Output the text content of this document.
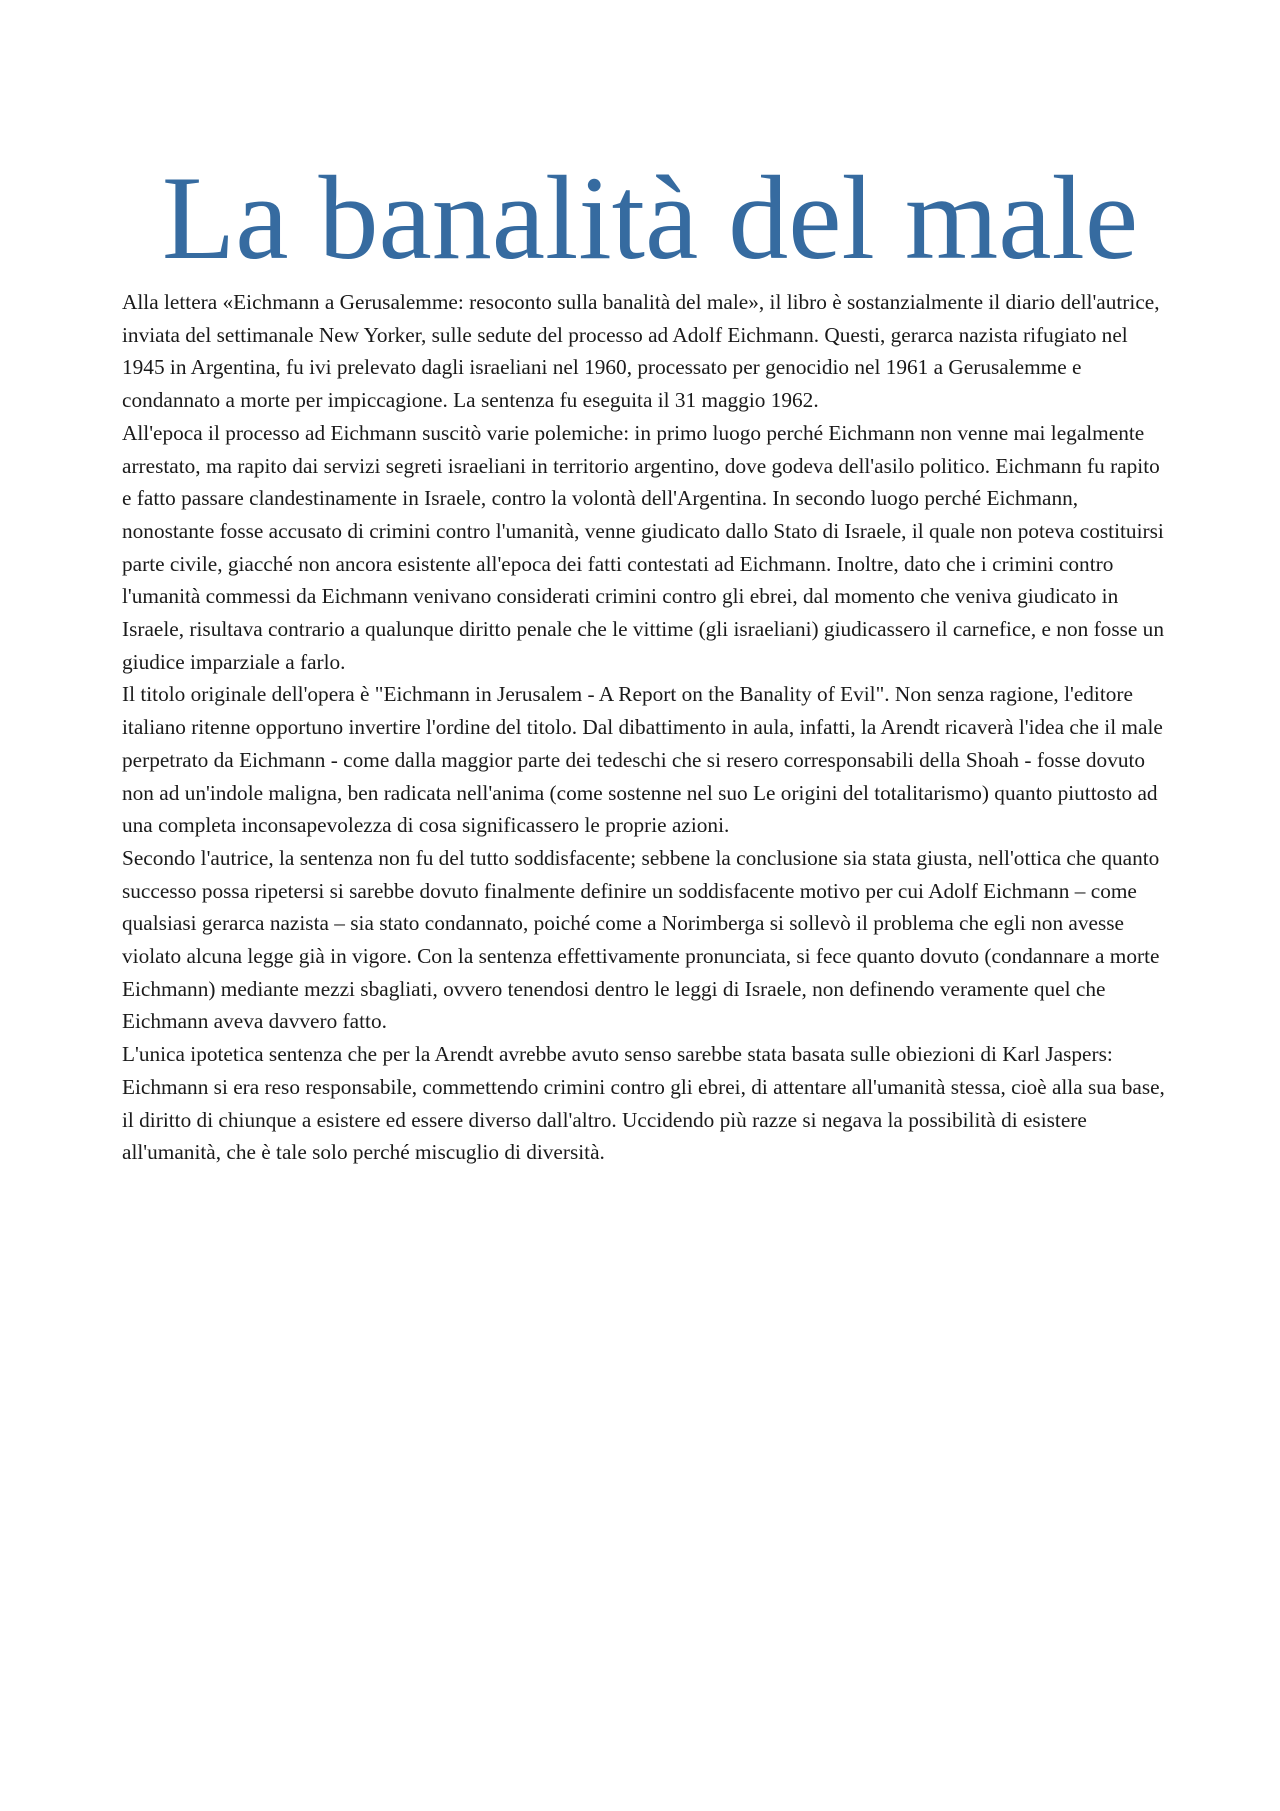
La banalità del male

Alla lettera «Eichmann a Gerusalemme: resoconto sulla banalità del male», il libro è sostanzialmente il diario dell'autrice, inviata del settimanale New Yorker, sulle sedute del processo ad Adolf Eichmann. Questi, gerarca nazista rifugiato nel 1945 in Argentina, fu ivi prelevato dagli israeliani nel 1960, processato per genocidio nel 1961 a Gerusalemme e condannato a morte per impiccagione. La sentenza fu eseguita il 31 maggio 1962.

All'epoca il processo ad Eichmann suscitò varie polemiche: in primo luogo perché Eichmann non venne mai legalmente arrestato, ma rapito dai servizi segreti israeliani in territorio argentino, dove godeva dell'asilo politico. Eichmann fu rapito e fatto passare clandestinamente in Israele, contro la volontà dell'Argentina. In secondo luogo perché Eichmann, nonostante fosse accusato di crimini contro l'umanità, venne giudicato dallo Stato di Israele, il quale non poteva costituirsi parte civile, giacché non ancora esistente all'epoca dei fatti contestati ad Eichmann. Inoltre, dato che i crimini contro l'umanità commessi da Eichmann venivano considerati crimini contro gli ebrei, dal momento che veniva giudicato in Israele, risultava contrario a qualunque diritto penale che le vittime (gli israeliani) giudicassero il carnefice, e non fosse un giudice imparziale a farlo.

Il titolo originale dell'opera è "Eichmann in Jerusalem - A Report on the Banality of Evil". Non senza ragione, l'editore italiano ritenne opportuno invertire l'ordine del titolo. Dal dibattimento in aula, infatti, la Arendt ricaverà l'idea che il male perpetrato da Eichmann - come dalla maggior parte dei tedeschi che si resero corresponsabili della Shoah - fosse dovuto non ad un'indole maligna, ben radicata nell'anima (come sostenne nel suo Le origini del totalitarismo) quanto piuttosto ad una completa inconsapevolezza di cosa significassero le proprie azioni.

Secondo l'autrice, la sentenza non fu del tutto soddisfacente; sebbene la conclusione sia stata giusta, nell'ottica che quanto successo possa ripetersi si sarebbe dovuto finalmente definire un soddisfacente motivo per cui Adolf Eichmann – come qualsiasi gerarca nazista – sia stato condannato, poiché come a Norimberga si sollevò il problema che egli non avesse violato alcuna legge già in vigore. Con la sentenza effettivamente pronunciata, si fece quanto dovuto (condannare a morte Eichmann) mediante mezzi sbagliati, ovvero tenendosi dentro le leggi di Israele, non definendo veramente quel che Eichmann aveva davvero fatto.

L'unica ipotetica sentenza che per la Arendt avrebbe avuto senso sarebbe stata basata sulle obiezioni di Karl Jaspers: Eichmann si era reso responsabile, commettendo crimini contro gli ebrei, di attentare all'umanità stessa, cioè alla sua base, il diritto di chiunque a esistere ed essere diverso dall'altro. Uccidendo più razze si negava la possibilità di esistere all'umanità, che è tale solo perché miscuglio di diversità.
